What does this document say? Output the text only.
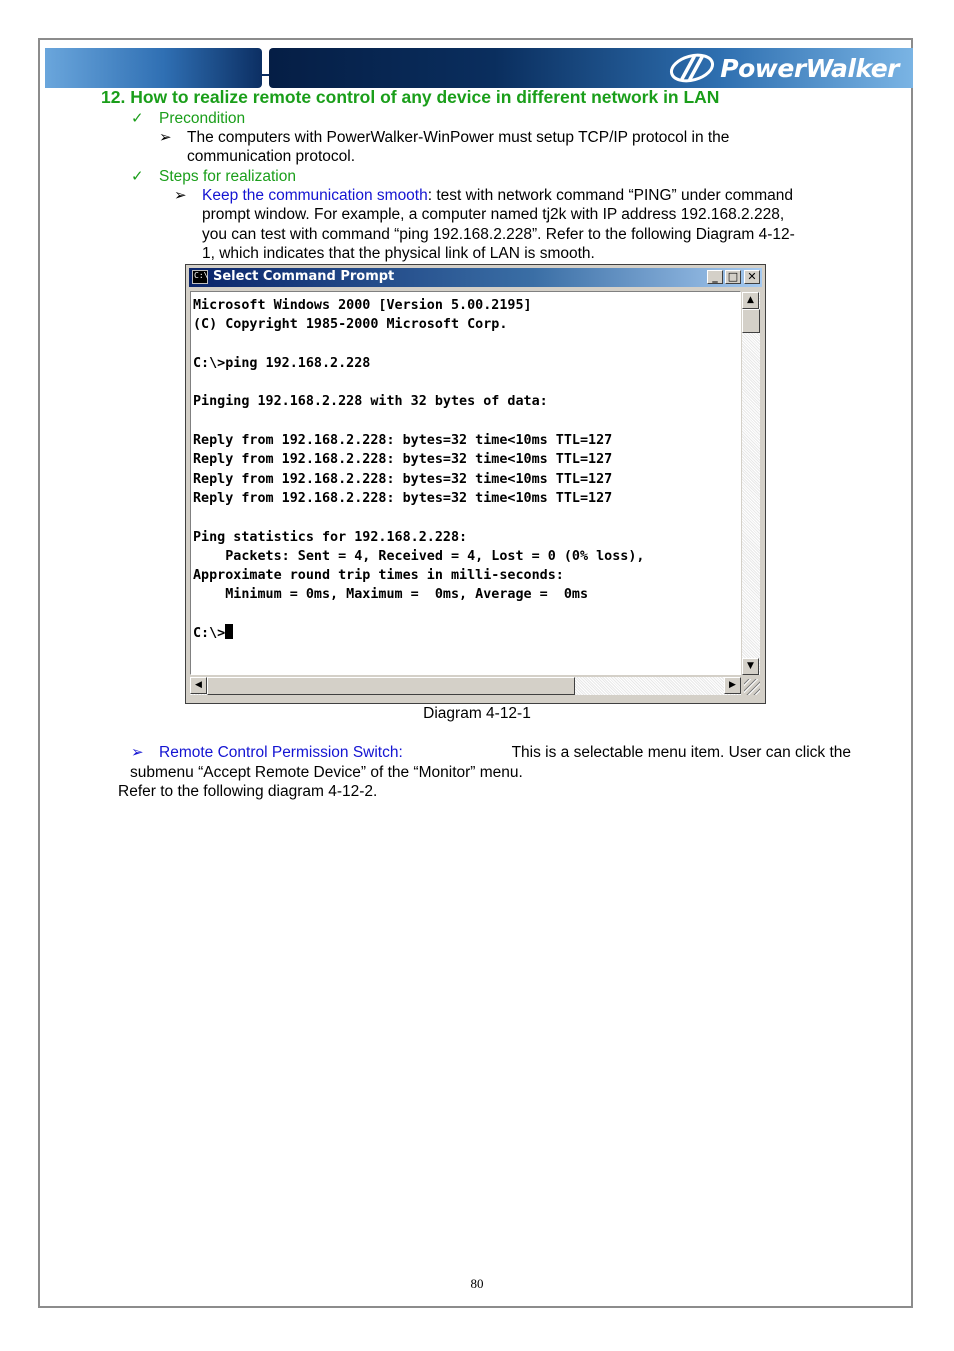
PowerWalker
12. How to realize remote control of any device in different network in LAN
✓ Precondition
➢ The computers with PowerWalker-WinPower must setup TCP/IP protocol in the
communication protocol.
✓ Steps for realization
➢ Keep the communication smooth: test with network command “PING” under command
prompt window. For example, a computer named tj2k with IP address 192.168.2.228,
you can test with command “ping 192.168.2.228”. Refer to the following Diagram 4-12-
1, which indicates that the physical link of LAN is smooth.
C:\ Select Command Prompt	_ □ ✕
Microsoft Windows 2000 [Version 5.00.2195]
(C) Copyright 1985-2000 Microsoft Corp.
C:\>ping 192.168.2.228
Pinging 192.168.2.228 with 32 bytes of data:
Reply from 192.168.2.228: bytes=32 time<10ms TTL=127
Reply from 192.168.2.228: bytes=32 time<10ms TTL=127
Reply from 192.168.2.228: bytes=32 time<10ms TTL=127
Reply from 192.168.2.228: bytes=32 time<10ms TTL=127
Ping statistics for 192.168.2.228:
Packets: Sent = 4, Received = 4, Lost = 0 (0% loss),
Approximate round trip times in milli-seconds:
Minimum = 0ms, Maximum =  0ms, Average =  0ms
C:\>
▲
▼
◀	▶
Diagram 4-12-1
➢ Remote Control Permission Switch:	This is a selectable menu item. User can click the
submenu “Accept Remote Device” of the “Monitor” menu.
Refer to the following diagram 4-12-2.
80
